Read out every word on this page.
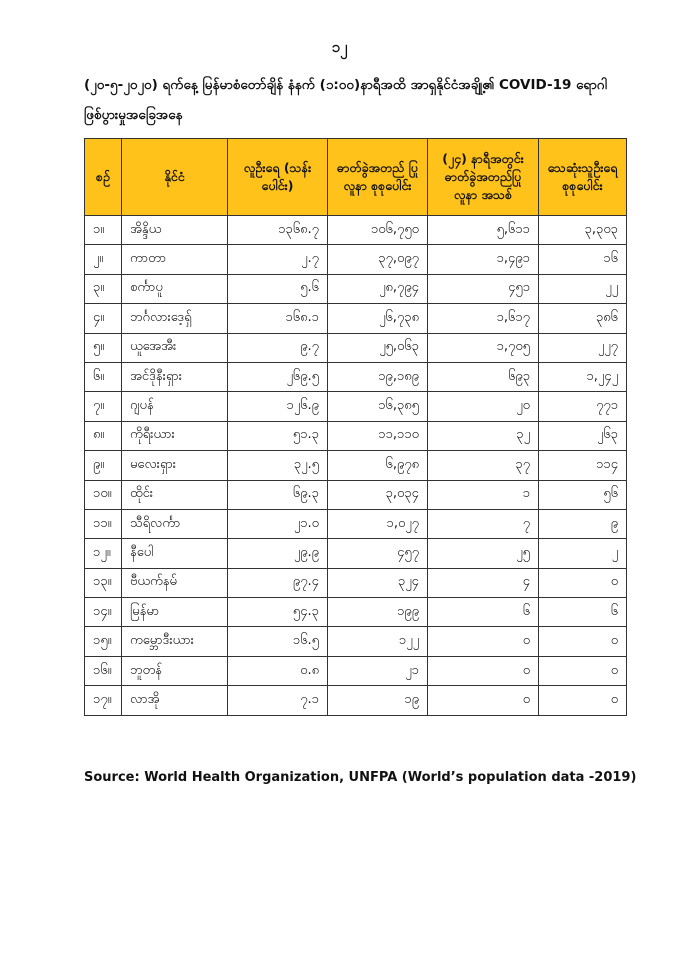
၁၂
(၂၀-၅-၂၀၂၀) ရက်နေ့ မြန်မာစံတော်ချိန် နံနက် (၁:၀၀)နာရီအထိ အာရှနိုင်ငံအချို့၏ COVID-19 ရောဂါ ဖြစ်ပွားမှုအခြေအနေ
စဉ်	နိုင်ငံ	လူဦးရေ (သန်းပေါင်း)	ဓာတ်ခွဲအတည် ပြု လူနာ စုစုပေါင်း	(၂၄) နာရီအတွင်း ဓာတ်ခွဲအတည်ပြု လူနာ အသစ်	သေဆုံးသူဦးရေ စုစုပေါင်း
၁။	အိန္ဒိယ	၁၃၆၈.၇	၁၀၆,၇၅၀	၅,၆၁၁	၃,၃၀၃
၂။	ကာတာ	၂.၇	၃၇,၀၉၇	၁,၄၉၁	၁၆
၃။	စင်္ကာပူ	၅.၆	၂၈,၇၉၄	၄၅၁	၂၂
၄။	ဘင်္ဂလားဒေ့ရှ်	၁၆၈.၁	၂၆,၇၃၈	၁,၆၁၇	၃၈၆
၅။	ယူအေအီး	၉.၇	၂၅,၀၆၃	၁,၇၀၅	၂၂၇
၆။	အင်ဒိုနီးရှား	၂၆၉.၅	၁၉,၁၈၉	၆၉၃	၁,၂၄၂
၇။	ဂျပန်	၁၂၆.၉	၁၆,၃၈၅	၂၀	၇၇၁
၈။	ကိုရီးယား	၅၁.၃	၁၁,၁၁၀	၃၂	၂၆၃
၉။	မလေးရှား	၃၂.၅	၆,၉၇၈	၃၇	၁၁၄
၁၀။	ထိုင်း	၆၉.၃	၃,၀၃၄	၁	၅၆
၁၁။	သီရိလင်္ကာ	၂၁.၀	၁,၀၂၇	၇	၉
၁၂။	နီပေါ	၂၉.၉	၄၅၇	၂၅	၂
၁၃။	ဗီယက်နမ်	၉၇.၄	၃၂၄	၄	၀
၁၄။	မြန်မာ	၅၄.၃	၁၉၉	၆	၆
၁၅။	ကမ္ဘောဒီးယား	၁၆.၅	၁၂၂	၀	၀
၁၆။	ဘူတန်	၀.၈	၂၁	၀	၀
၁၇။	လာအို	၇.၁	၁၉	၀	၀
Source: World Health Organization, UNFPA (World’s population data -2019)
